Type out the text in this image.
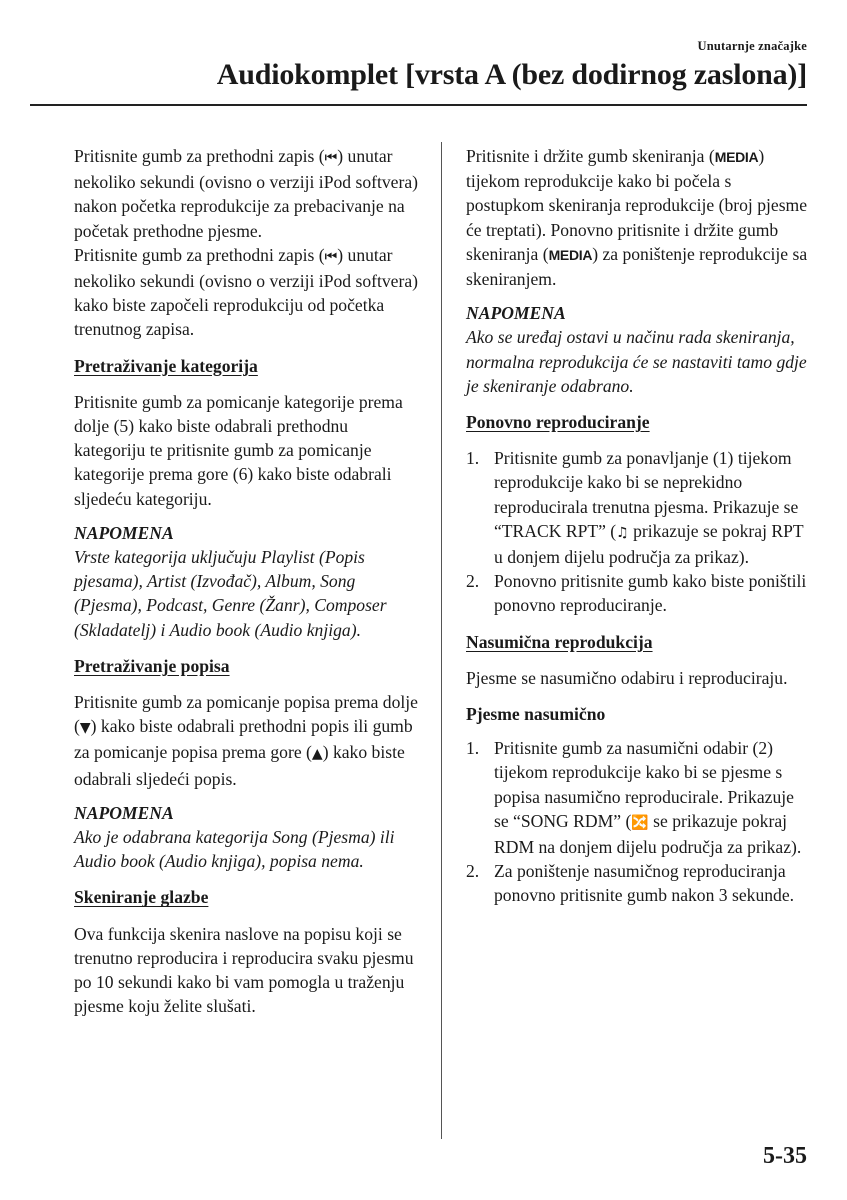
Unutarnje značajke
Audiokomplet [vrsta A (bez dodirnog zaslona)]

Pritisnite gumb za prethodni zapis (⏮) unutar nekoliko sekundi (ovisno o verziji iPod softvera) nakon početka reprodukcije za prebacivanje na početak prethodne pjesme.

Pritisnite gumb za prethodni zapis (⏮) unutar nekoliko sekundi (ovisno o verziji iPod softvera) kako biste započeli reprodukciju od početka trenutnog zapisa.

Pretraživanje kategorija

Pritisnite gumb za pomicanje kategorije prema dolje (5) kako biste odabrali prethodnu kategoriju te pritisnite gumb za pomicanje kategorije prema gore (6) kako biste odabrali sljedeću kategoriju.

NAPOMENA
Vrste kategorija uključuju Playlist (Popis pjesama), Artist (Izvođač), Album, Song (Pjesma), Podcast, Genre (Žanr), Composer (Skladatelj) i Audio book (Audio knjiga).
Pretraživanje popisa

Pritisnite gumb za pomicanje popisa prema dolje (▼) kako biste odabrali prethodni popis ili gumb za pomicanje popisa prema gore (▲) kako biste odabrali sljedeći popis.

NAPOMENA
Ako je odabrana kategorija Song (Pjesma) ili Audio book (Audio knjiga), popisa nema.
Skeniranje glazbe

Ova funkcija skenira naslove na popisu koji se trenutno reproducira i reproducira svaku pjesmu po 10 sekundi kako bi vam pomogla u traženju pjesme koju želite slušati.

Pritisnite i držite gumb skeniranja (MEDIA) tijekom reprodukcije kako bi počela s postupkom skeniranja reprodukcije (broj pjesme će treptati). Ponovno pritisnite i držite gumb skeniranja (MEDIA) za poništenje reprodukcije sa skeniranjem.

NAPOMENA
Ako se uređaj ostavi u načinu rada skeniranja, normalna reprodukcija će se nastaviti tamo gdje je skeniranje odabrano.
Ponovno reproduciranje
1. Pritisnite gumb za ponavljanje (1) tijekom reprodukcije kako bi se neprekidno reproducirala trenutna pjesma. Prikazuje se “TRACK RPT” (♫ prikazuje se pokraj RPT u donjem dijelu područja za prikaz).
2. Ponovno pritisnite gumb kako biste poništili ponovno reproduciranje.
Nasumična reprodukcija

Pjesme se nasumično odabiru i reproduciraju.

Pjesme nasumično
1. Pritisnite gumb za nasumični odabir (2) tijekom reprodukcije kako bi se pjesme s popisa nasumično reproducirale. Prikazuje se “SONG RDM” (🔀 se prikazuje pokraj RDM na donjem dijelu područja za prikaz).
2. Za poništenje nasumičnog reproduciranja ponovno pritisnite gumb nakon 3 sekunde.
5-35
